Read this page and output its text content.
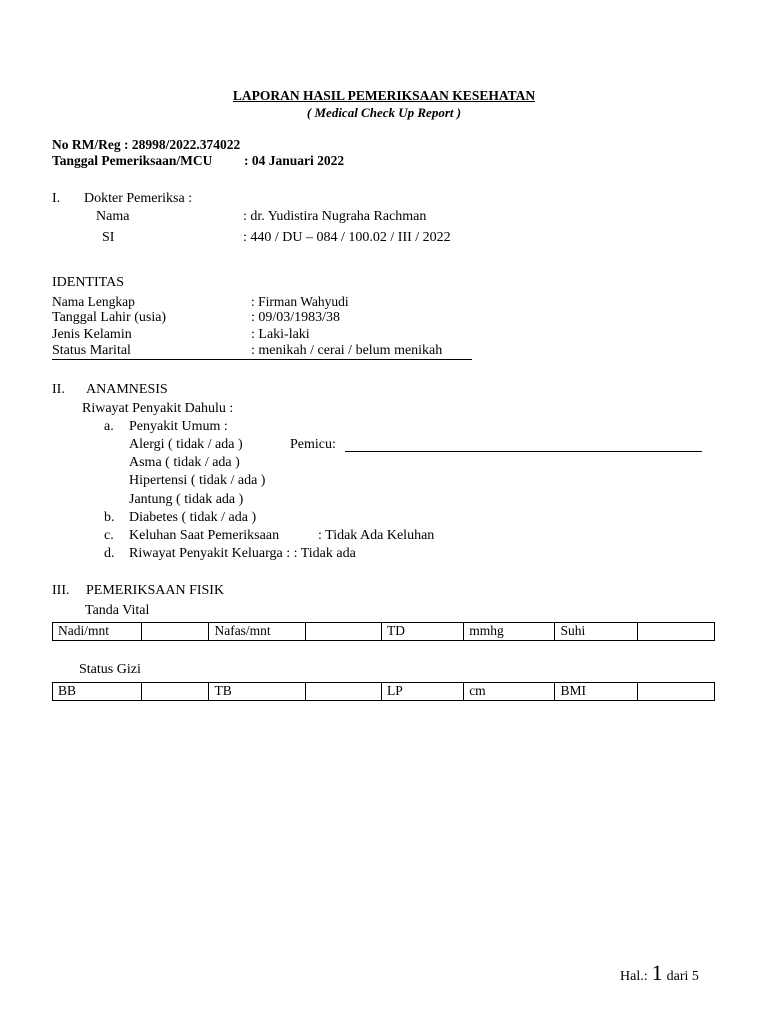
LAPORAN HASIL PEMERIKSAAN KESEHATAN
( Medical Check Up Report )
No RM/Reg : 28998/2022.374022
Tanggal Pemeriksaan/MCU : 04 Januari 2022
I. Dokter Pemeriksa :
Nama	: dr. Yudistira Nugraha Rachman
SI	: 440 / DU – 084 / 100.02 / III / 2022
IDENTITAS
Nama Lengkap	: Firman Wahyudi
Tanggal Lahir (usia)	: 09/03/1983/38
Jenis Kelamin	: Laki-laki
Status Marital	: menikah / cerai / belum menikah
II. ANAMNESIS
Riwayat Penyakit Dahulu :
a. Penyakit Umum :
Alergi ( tidak / ada )	Pemicu:
Asma ( tidak / ada )
Hipertensi ( tidak / ada )
Jantung ( tidak ada )
b. Diabetes ( tidak / ada )
c. Keluhan Saat Pemeriksaan	: Tidak Ada Keluhan
d. Riwayat Penyakit Keluarga : : Tidak ada
III. PEMERIKSAAN FISIK
Tanda Vital
Nadi/mnt		Nafas/mnt		TD	mmhg	Suhi	
Status Gizi
BB		TB		LP	cm	BMI	
Hal.: 1 dari 5
